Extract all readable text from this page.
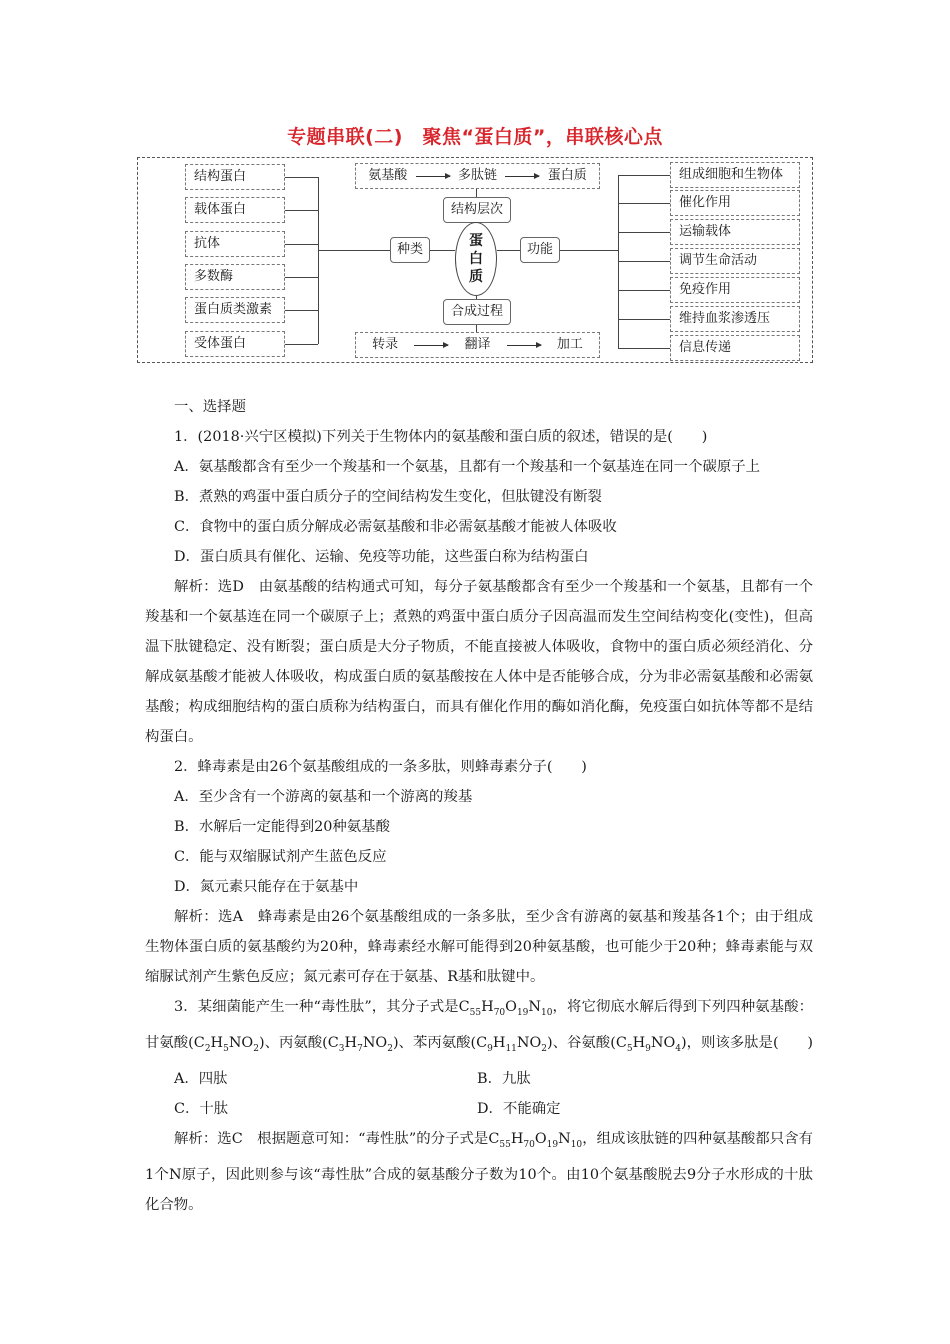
专题串联(二)　聚焦“蛋白质”，串联核心点
结构蛋白
载体蛋白
抗体
多数酶
蛋白质类激素
受体蛋白
组成细胞和生物体
催化作用
运输载体
调节生命活动
免疫作用
维持血浆渗透压
信息传递
氨基酸	多肽链	蛋白质
结构层次
蛋
白
质
种类	功能
合成过程
转录	翻译	加工

一、选择题

1．(2018·兴宁区模拟)下列关于生物体内的氨基酸和蛋白质的叙述，错误的是(　　)

A．氨基酸都含有至少一个羧基和一个氨基，且都有一个羧基和一个氨基连在同一个碳原子上

B．煮熟的鸡蛋中蛋白质分子的空间结构发生变化，但肽键没有断裂

C．食物中的蛋白质分解成必需氨基酸和非必需氨基酸才能被人体吸收

D．蛋白质具有催化、运输、免疫等功能，这些蛋白称为结构蛋白

解析：选D　由氨基酸的结构通式可知，每分子氨基酸都含有至少一个羧基和一个氨基，且都有一个羧基和一个氨基连在同一个碳原子上；煮熟的鸡蛋中蛋白质分子因高温而发生空间结构变化(变性)，但高温下肽键稳定、没有断裂；蛋白质是大分子物质，不能直接被人体吸收，食物中的蛋白质必须经消化、分解成氨基酸才能被人体吸收，构成蛋白质的氨基酸按在人体中是否能够合成，分为非必需氨基酸和必需氨基酸；构成细胞结构的蛋白质称为结构蛋白，而具有催化作用的酶如消化酶，免疫蛋白如抗体等都不是结构蛋白。

2．蜂毒素是由26个氨基酸组成的一条多肽，则蜂毒素分子(　　)

A．至少含有一个游离的氨基和一个游离的羧基

B．水解后一定能得到20种氨基酸

C．能与双缩脲试剂产生蓝色反应

D．氮元素只能存在于氨基中

解析：选A　蜂毒素是由26个氨基酸组成的一条多肽，至少含有游离的氨基和羧基各1个；由于组成生物体蛋白质的氨基酸约为20种，蜂毒素经水解可能得到20种氨基酸，也可能少于20种；蜂毒素能与双缩脲试剂产生紫色反应；氮元素可存在于氨基、R基和肽键中。

3．某细菌能产生一种“毒性肽”，其分子式是$C_{55}H_{70}O_{19}N_{10}$，将它彻底水解后得到下列四种氨基酸：甘氨酸$(C_2H_5NO_2)$、丙氨酸$(C_3H_7NO_2)$、苯丙氨酸$(C_9H_{11}NO_2)$、谷氨酸$(C_5H_9NO_4)$，则该多肽是(　　)

A．四肽	B．九肽
C．十肽	D．不能确定

解析：选C　根据题意可知：“毒性肽”的分子式是$C_{55}H_{70}O_{19}N_{10}$，组成该肽链的四种氨基酸都只含有1个N原子，因此则参与该“毒性肽”合成的氨基酸分子数为10个。由10个氨基酸脱去9分子水形成的十肽化合物。
